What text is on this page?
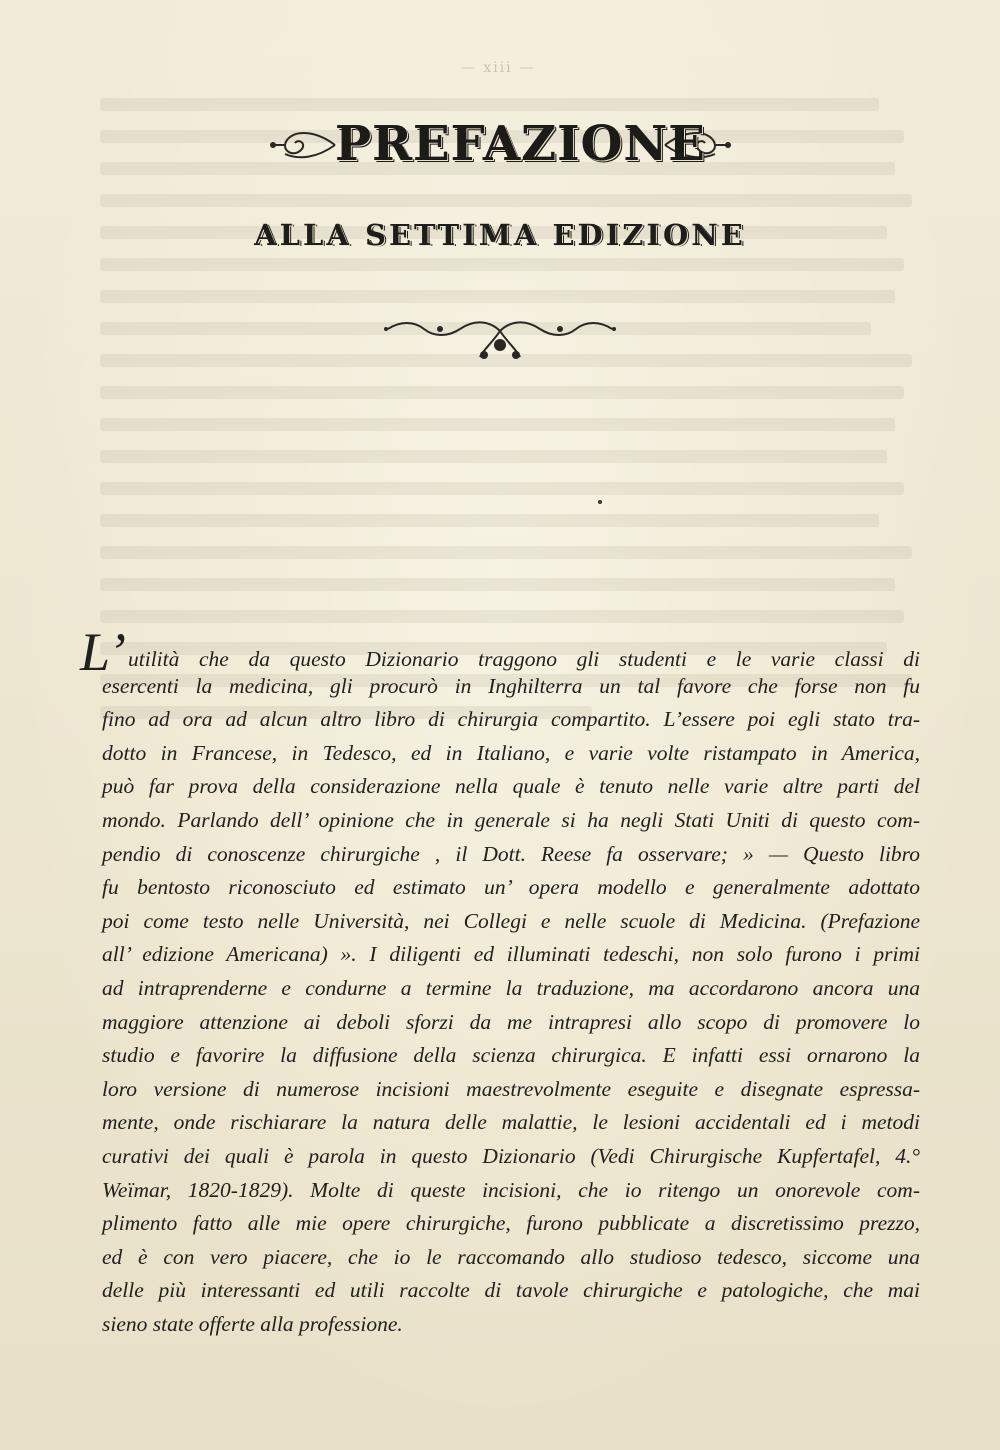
— xiii —
PREFAZIONE
ALLA SETTIMA EDIZIONE
L’utilità che da questo Dizionario traggono gli studenti e le varie classi di
esercenti la medicina, gli procurò in Inghilterra un tal favore che forse non fu
fino ad ora ad alcun altro libro di chirurgia compartito. L’essere poi egli stato tra-
dotto in Francese, in Tedesco, ed in Italiano, e varie volte ristampato in America,
può far prova della considerazione nella quale è tenuto nelle varie altre parti del
mondo. Parlando dell’ opinione che in generale si ha negli Stati Uniti di questo com-
pendio di conoscenze chirurgiche , il Dott. Reese fa osservare; » — Questo libro
fu bentosto riconosciuto ed estimato un’ opera modello e generalmente adottato
poi come testo nelle Università, nei Collegi e nelle scuole di Medicina. (Prefazione
all’ edizione Americana) ». I diligenti ed illuminati tedeschi, non solo furono i primi
ad intraprenderne e condurne a termine la traduzione, ma accordarono ancora una
maggiore attenzione ai deboli sforzi da me intrapresi allo scopo di promovere lo
studio e favorire la diffusione della scienza chirurgica. E infatti essi ornarono la
loro versione di numerose incisioni maestrevolmente eseguite e disegnate espressa-
mente, onde rischiarare la natura delle malattie, le lesioni accidentali ed i metodi
curativi dei quali è parola in questo Dizionario (Vedi Chirurgische Kupfertafel, 4.°
Weïmar, 1820-1829). Molte di queste incisioni, che io ritengo un onorevole com-
plimento fatto alle mie opere chirurgiche, furono pubblicate a discretissimo prezzo,
ed è con vero piacere, che io le raccomando allo studioso tedesco, siccome una
delle più interessanti ed utili raccolte di tavole chirurgiche e patologiche, che mai
sieno state offerte alla professione.
